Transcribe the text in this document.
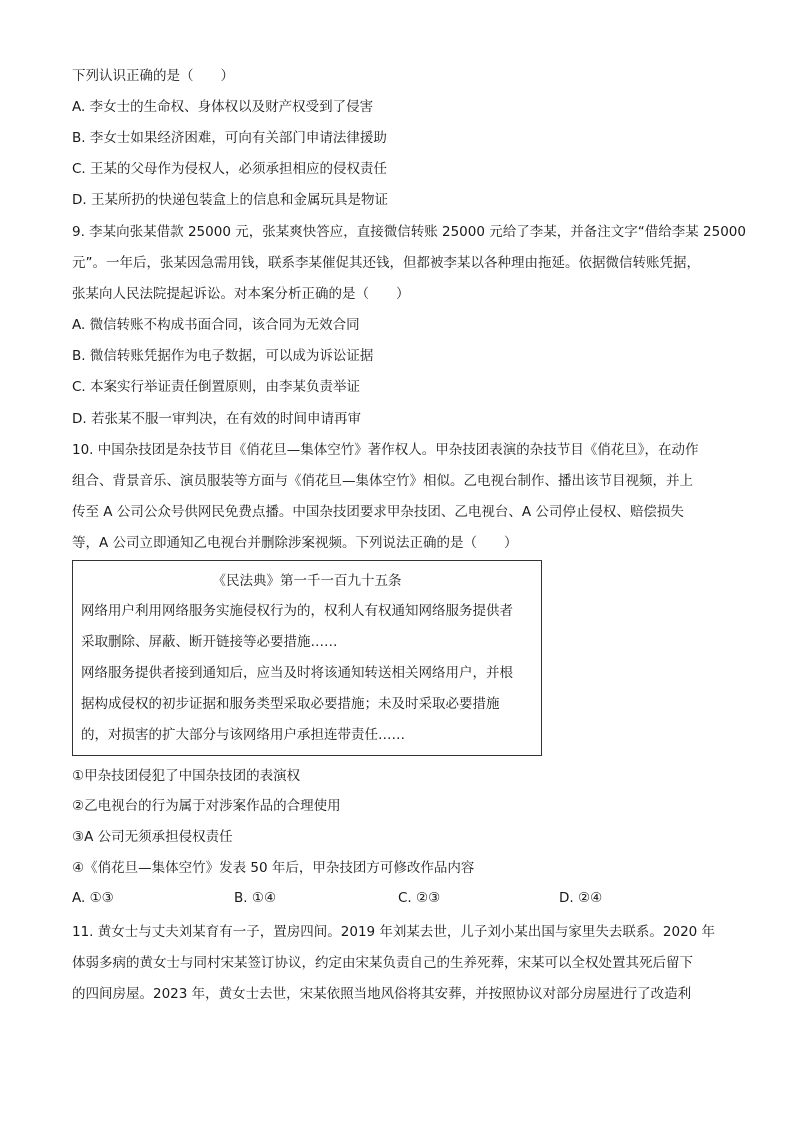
下列认识正确的是（　　）
A. 李女士的生命权、身体权以及财产权受到了侵害
B. 李女士如果经济困难，可向有关部门申请法律援助
C. 王某的父母作为侵权人，必须承担相应的侵权责任
D. 王某所扔的快递包装盒上的信息和金属玩具是物证
9. 李某向张某借款 25000 元，张某爽快答应，直接微信转账 25000 元给了李某，并备注文字“借给李某 25000
元”。一年后，张某因急需用钱，联系李某催促其还钱，但都被李某以各种理由拖延。依据微信转账凭据，
张某向人民法院提起诉讼。对本案分析正确的是（　　）
A. 微信转账不构成书面合同，该合同为无效合同
B. 微信转账凭据作为电子数据，可以成为诉讼证据
C. 本案实行举证责任倒置原则，由李某负责举证
D. 若张某不服一审判决，在有效的时间申请再审
10. 中国杂技团是杂技节目《俏花旦—集体空竹》著作权人。甲杂技团表演的杂技节目《俏花旦》，在动作
组合、背景音乐、演员服装等方面与《俏花旦—集体空竹》相似。乙电视台制作、播出该节目视频，并上
传至 A 公司公众号供网民免费点播。中国杂技团要求甲杂技团、乙电视台、A 公司停止侵权、赔偿损失
等，A 公司立即通知乙电视台并删除涉案视频。下列说法正确的是（　　）
《民法典》第一千一百九十五条
网络用户利用网络服务实施侵权行为的，权利人有权通知网络服务提供者
采取删除、屏蔽、断开链接等必要措施……
网络服务提供者接到通知后，应当及时将该通知转送相关网络用户，并根
据构成侵权的初步证据和服务类型采取必要措施；未及时采取必要措施
的，对损害的扩大部分与该网络用户承担连带责任……
①甲杂技团侵犯了中国杂技团的表演权
②乙电视台的行为属于对涉案作品的合理使用
③A 公司无须承担侵权责任
④《俏花旦—集体空竹》发表 50 年后，甲杂技团方可修改作品内容
A. ①③	B. ①④	C. ②③	D. ②④
11. 黄女士与丈夫刘某育有一子，置房四间。2019 年刘某去世，儿子刘小某出国与家里失去联系。2020 年
体弱多病的黄女士与同村宋某签订协议，约定由宋某负责自己的生养死葬，宋某可以全权处置其死后留下
的四间房屋。2023 年，黄女士去世，宋某依照当地风俗将其安葬，并按照协议对部分房屋进行了改造利
